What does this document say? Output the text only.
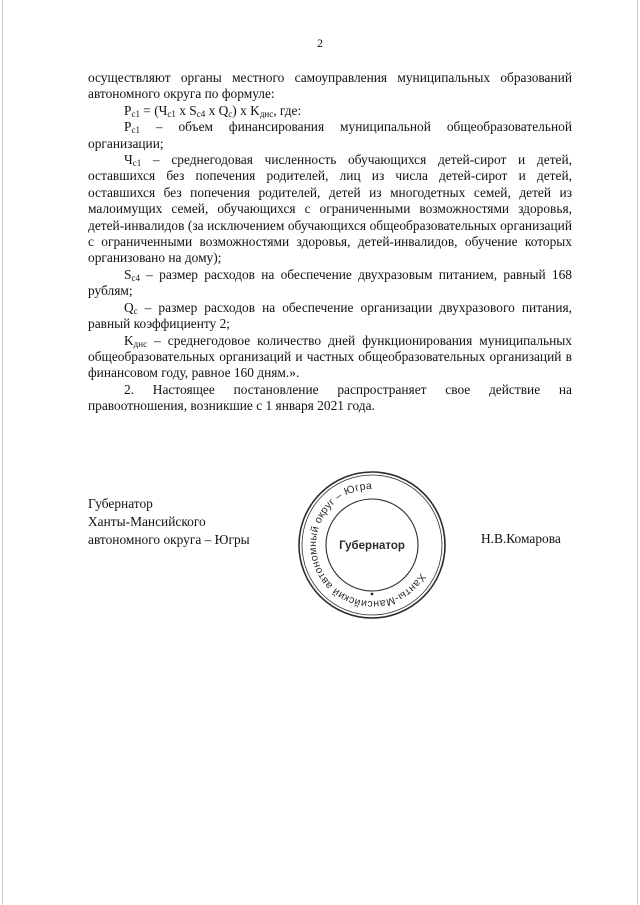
2

осуществляют органы местного самоуправления муниципальных образований автономного округа по формуле:

$P_{c1} = (Ч_{c1}$ х $S_{c4}$ х $Q_c$) х $K_{днс}$, где:

$P_{c1}$ – объем финансирования муниципальной общеобразовательной организации;

$Ч_{c1}$ – среднегодовая численность обучающихся детей-сирот и детей, оставшихся без попечения родителей, лиц из числа детей-сирот и детей, оставшихся без попечения родителей, детей из многодетных семей, детей из малоимущих семей, обучающихся с ограниченными возможностями здоровья, детей-инвалидов (за исключением обучающихся общеобразовательных организаций с ограниченными возможностями здоровья, детей-инвалидов, обучение которых организовано на дому);

$S_{c4}$ – размер расходов на обеспечение двухразовым питанием, равный 168 рублям;

$Q_c$ – размер расходов на обеспечение организации двухразового питания, равный коэффициенту 2;

$K_{днс}$ – среднегодовое количество дней функционирования муниципальных общеобразовательных организаций и частных общеобразовательных организаций в финансовом году, равное 160 дням.».

2. Настоящее постановление распространяет свое действие на правоотношения, возникшие с 1 января 2021 года.

Губернатор
Ханты-Мансийского
автономного округа – Югры
Ханты-Мансийский автономный округ – Югра
Губернатор	Н.В.Комарова
